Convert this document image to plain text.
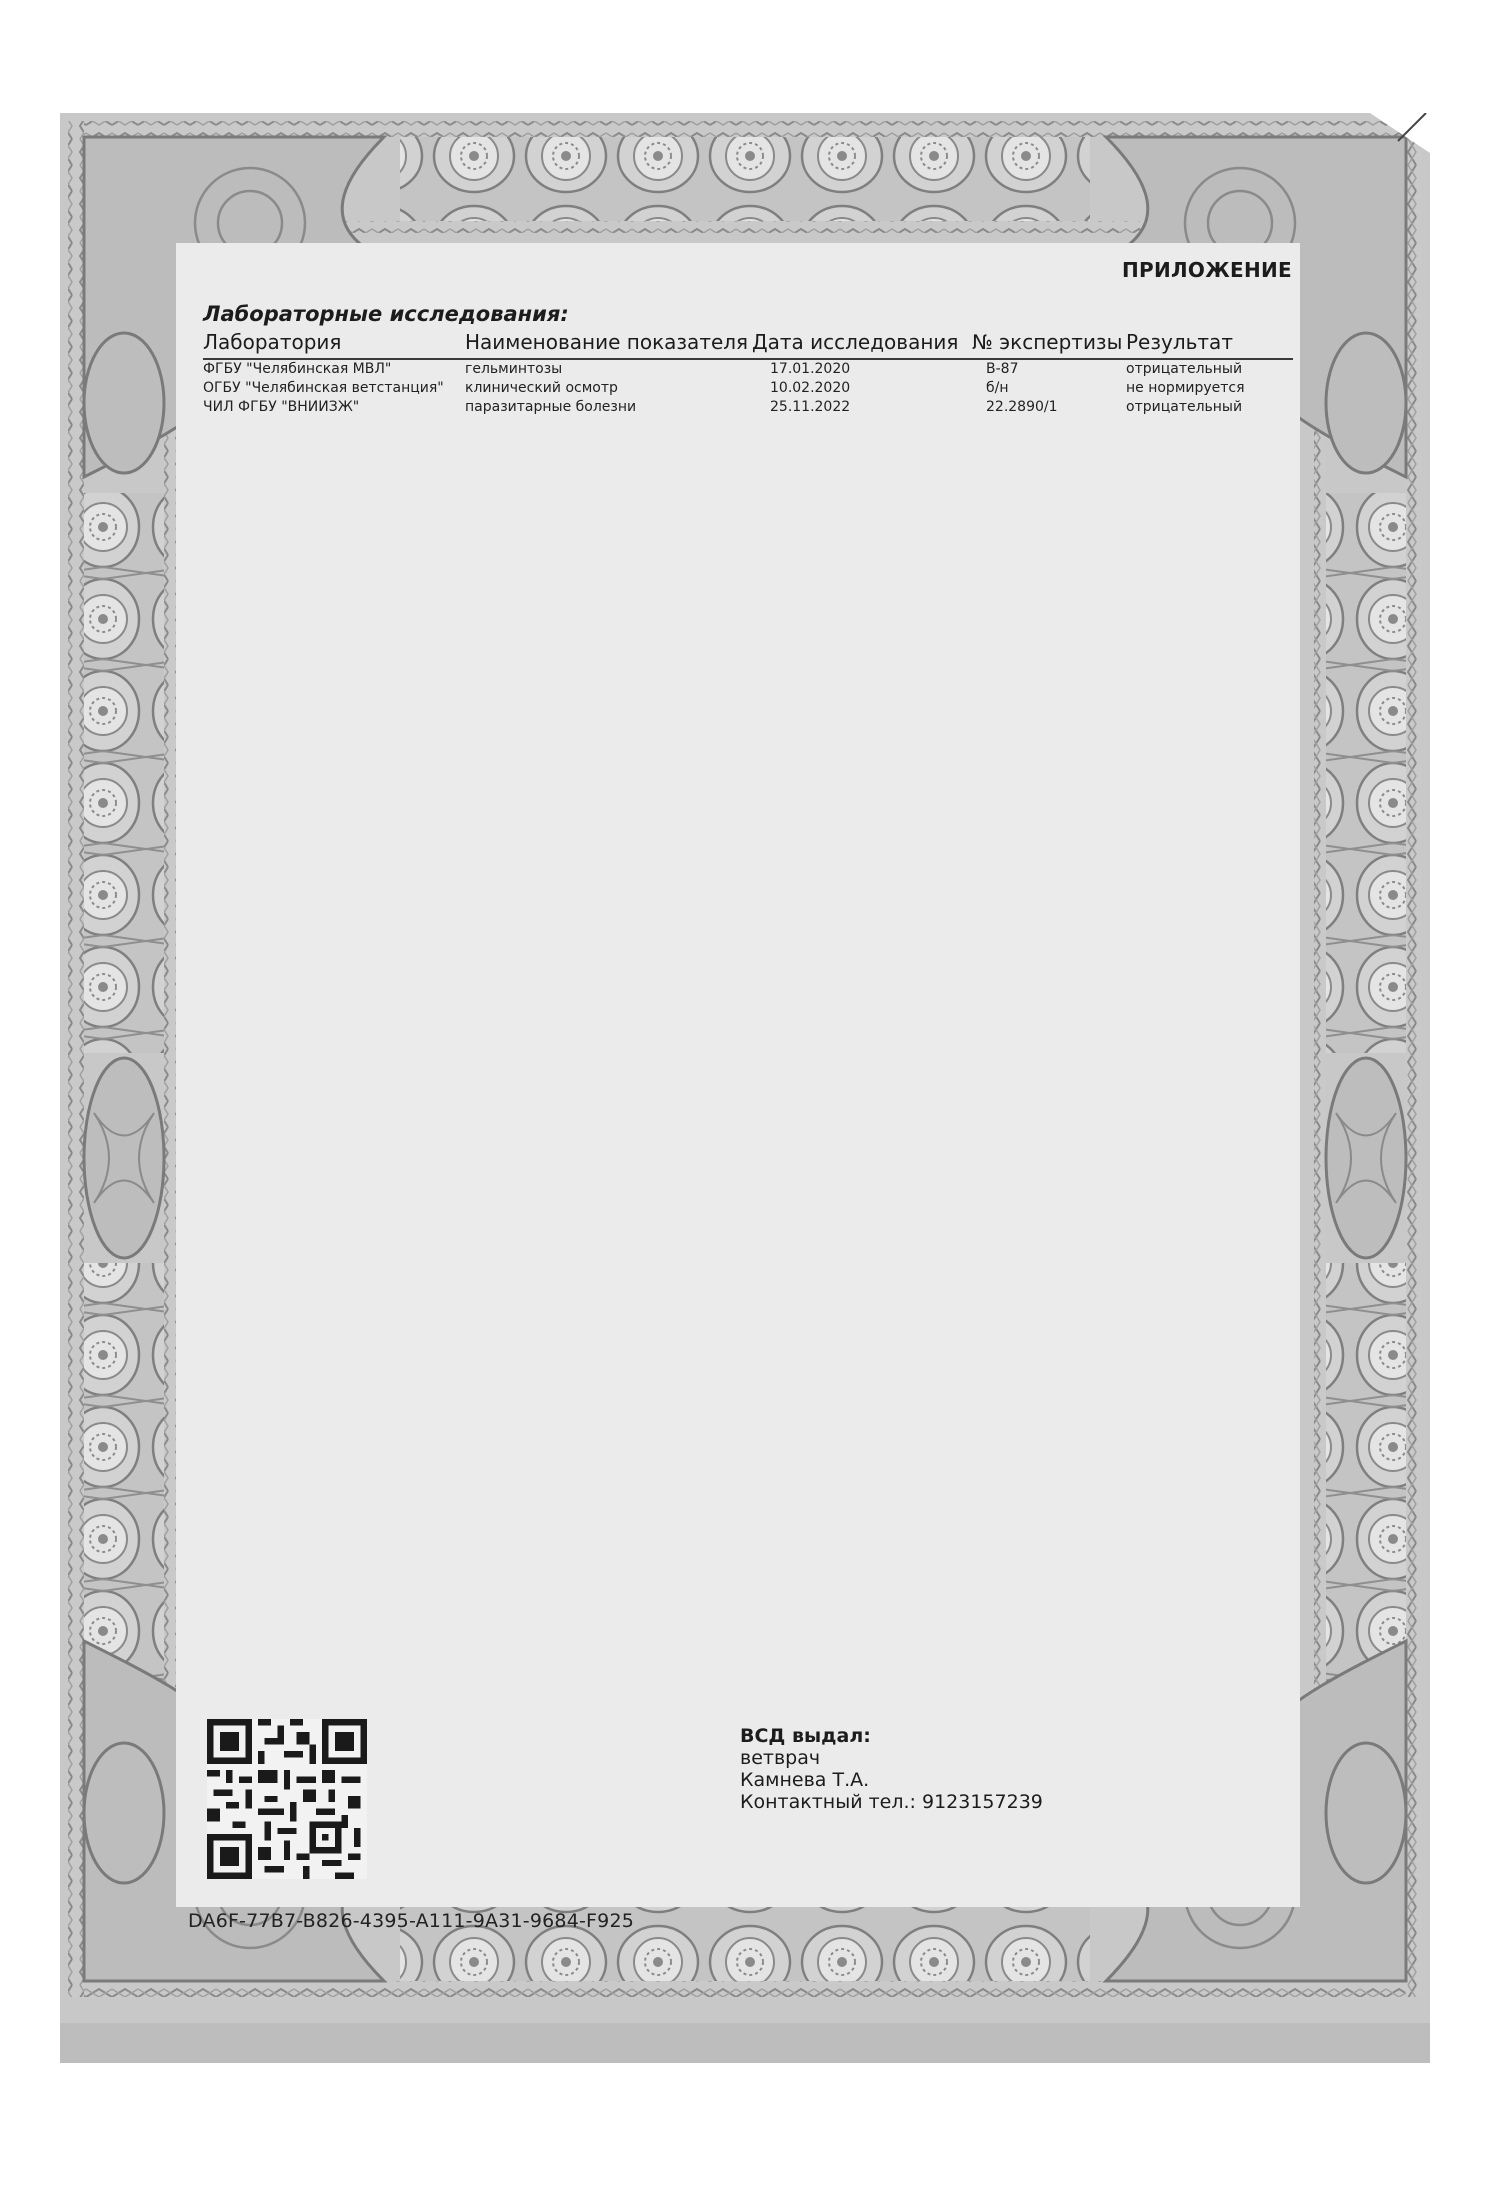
ПРИЛОЖЕНИЕ
Лабораторные исследования:
Лаборатория	Наименование показателя	Дата исследования	№ экспертизы	Результат
ФГБУ "Челябинская МВЛ"	гельминтозы	17.01.2020	В-87	отрицательный
ОГБУ "Челябинская ветстанция"	клинический осмотр	10.02.2020	б/н	не нормируется
ЧИЛ ФГБУ "ВНИИЗЖ"	паразитарные болезни	25.11.2022	22.2890/1	отрицательный
DA6F-77B7-B826-4395-A111-9A31-9684-F925
ВСД выдал:
ветврач
Камнева Т.А.
Контактный тел.: 9123157239
